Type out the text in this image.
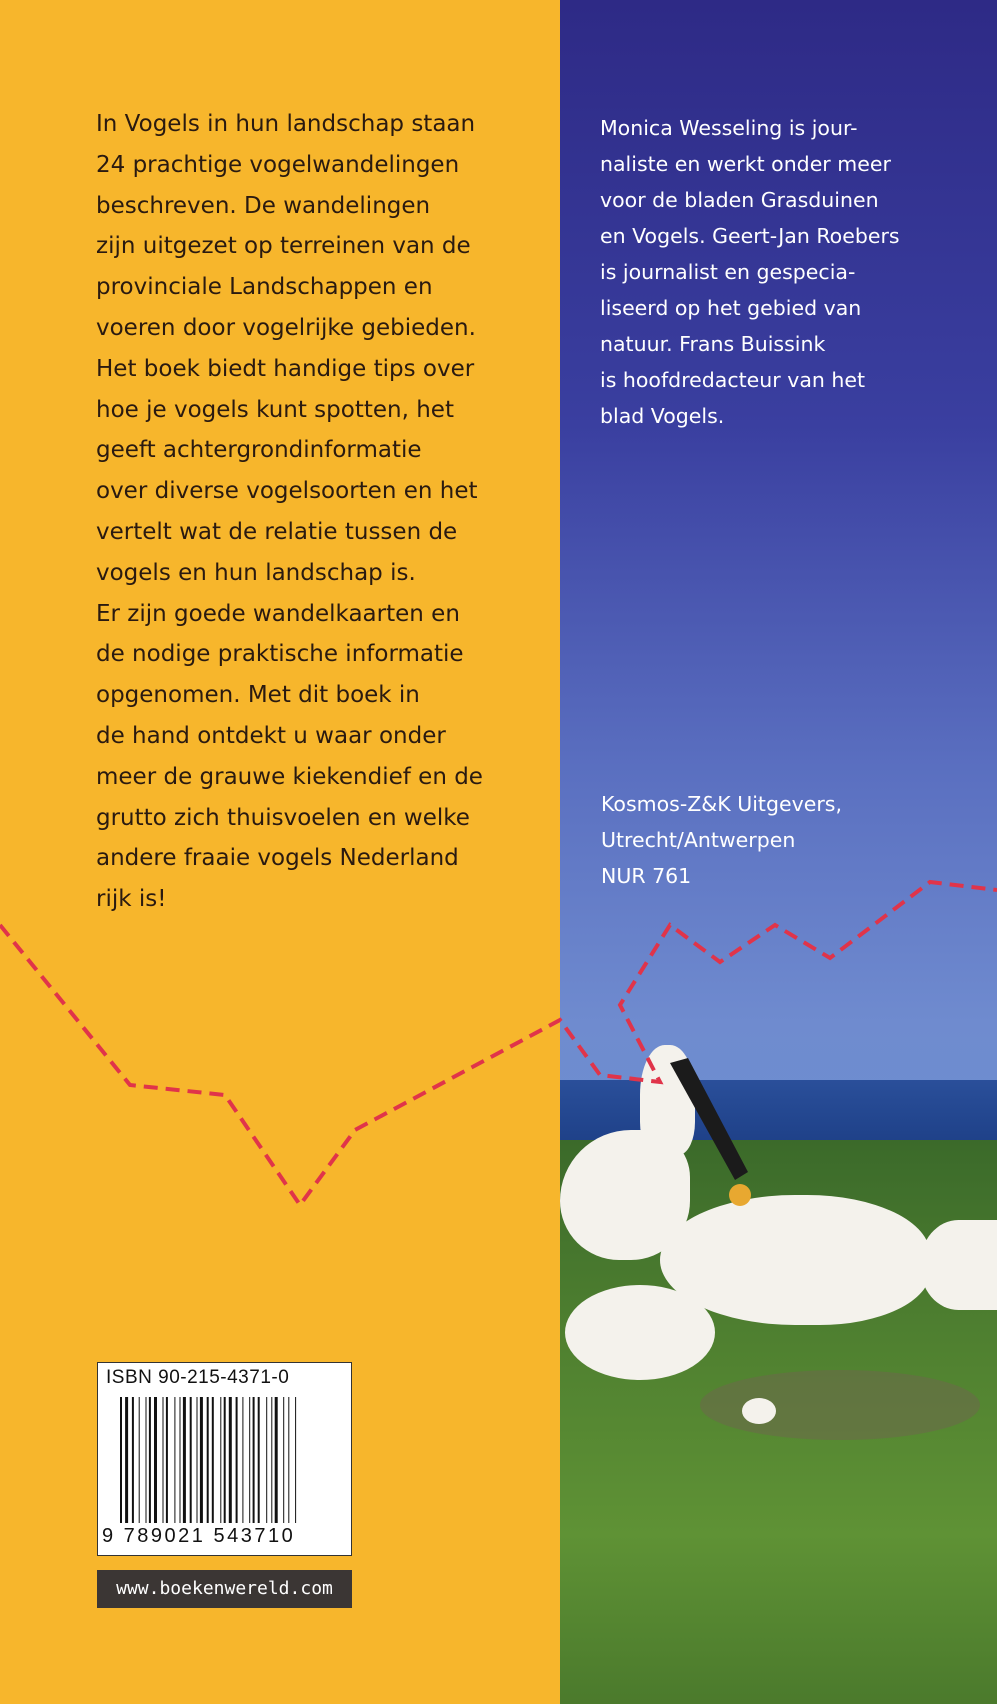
In Vogels in hun landschap staan
24 prachtige vogelwandelingen
beschreven. De wandelingen
zijn uitgezet op terreinen van de
provinciale Landschappen en
voeren door vogelrijke gebieden.
Het boek biedt handige tips over
hoe je vogels kunt spotten, het
geeft achtergrondinformatie
over diverse vogelsoorten en het
vertelt wat de relatie tussen de
vogels en hun landschap is.
Er zijn goede wandelkaarten en
de nodige praktische informatie
opgenomen. Met dit boek in
de hand ontdekt u waar onder
meer de grauwe kiekendief en de
grutto zich thuisvoelen en welke
andere fraaie vogels Nederland
rijk is!

Monica Wesseling is jour-
naliste en werkt onder meer
voor de bladen Grasduinen
en Vogels. Geert-Jan Roebers
is journalist en gespecia-
liseerd op het gebied van
natuur. Frans Buissink
is hoofdredacteur van het
blad Vogels.

Kosmos-Z&K Uitgevers,
Utrecht/Antwerpen
NUR 761
ISBN 90-215-4371-0
9 789021 543710
www.boekenwereld.com
